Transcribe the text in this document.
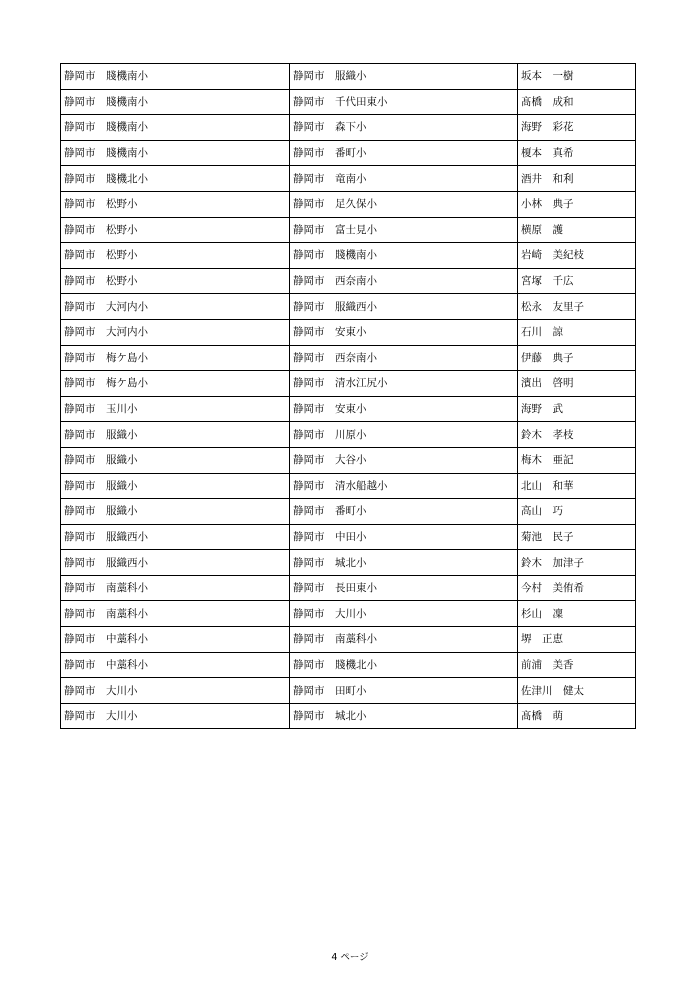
静岡市　賤機南小	静岡市　服織小	坂本　一樹
静岡市　賤機南小	静岡市　千代田東小	髙橋　成和
静岡市　賤機南小	静岡市　森下小	海野　彩花
静岡市　賤機南小	静岡市　番町小	榎本　真希
静岡市　賤機北小	静岡市　竜南小	酒井　和利
静岡市　松野小	静岡市　足久保小	小林　典子
静岡市　松野小	静岡市　富士見小	横原　護
静岡市　松野小	静岡市　賤機南小	岩崎　美紀枝
静岡市　松野小	静岡市　西奈南小	宮塚　千広
静岡市　大河内小	静岡市　服織西小	松永　友里子
静岡市　大河内小	静岡市　安東小	石川　諒
静岡市　梅ケ島小	静岡市　西奈南小	伊藤　典子
静岡市　梅ケ島小	静岡市　清水江尻小	濱出　啓明
静岡市　玉川小	静岡市　安東小	海野　武
静岡市　服織小	静岡市　川原小	鈴木　孝枝
静岡市　服織小	静岡市　大谷小	梅木　亜記
静岡市　服織小	静岡市　清水船越小	北山　和華
静岡市　服織小	静岡市　番町小	高山　巧
静岡市　服織西小	静岡市　中田小	菊池　民子
静岡市　服織西小	静岡市　城北小	鈴木　加津子
静岡市　南藁科小	静岡市　長田東小	今村　美侑希
静岡市　南藁科小	静岡市　大川小	杉山　凜
静岡市　中藁科小	静岡市　南藁科小	堺　正恵
静岡市　中藁科小	静岡市　賤機北小	前浦　美香
静岡市　大川小	静岡市　田町小	佐津川　健太
静岡市　大川小	静岡市　城北小	髙橋　萌
4 ページ
